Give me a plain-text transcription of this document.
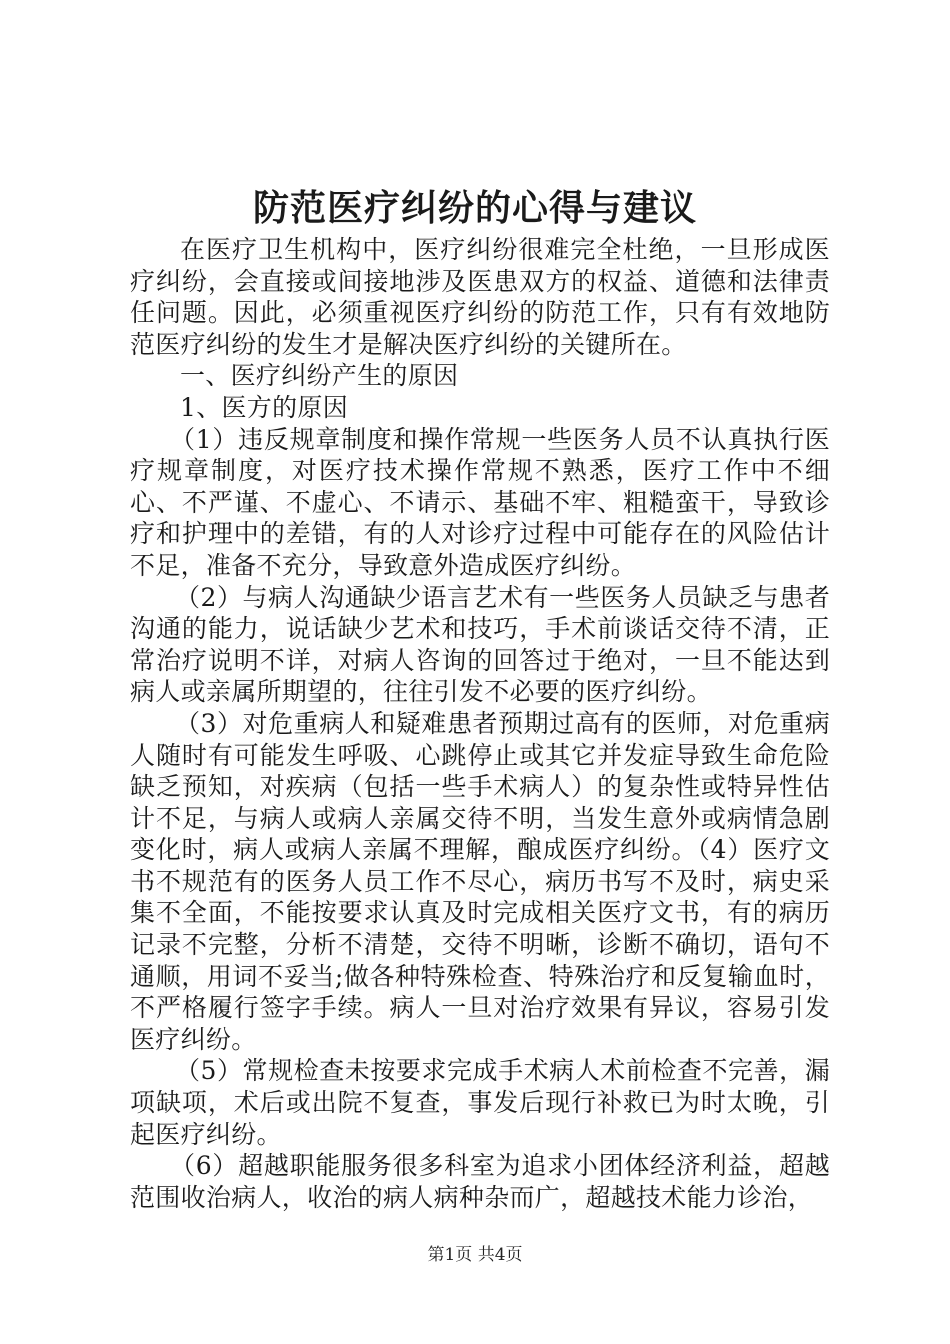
防范医疗纠纷的心得与建议

在医疗卫生机构中，医疗纠纷很难完全杜绝，一旦形成医疗纠纷，会直接或间接地涉及医患双方的权益、道德和法律责任问题。因此，必须重视医疗纠纷的防范工作，只有有效地防范医疗纠纷的发生才是解决医疗纠纷的关键所在。

一、医疗纠纷产生的原因

1、医方的原因

（1）违反规章制度和操作常规一些医务人员不认真执行医疗规章制度，对医疗技术操作常规不熟悉，医疗工作中不细心、不严谨、不虚心、不请示、基础不牢、粗糙蛮干，导致诊疗和护理中的差错，有的人对诊疗过程中可能存在的风险估计不足，准备不充分，导致意外造成医疗纠纷。

（2）与病人沟通缺少语言艺术有一些医务人员缺乏与患者沟通的能力，说话缺少艺术和技巧，手术前谈话交待不清，正常治疗说明不详，对病人咨询的回答过于绝对，一旦不能达到病人或亲属所期望的，往往引发不必要的医疗纠纷。

（3）对危重病人和疑难患者预期过高有的医师，对危重病人随时有可能发生呼吸、心跳停止或其它并发症导致生命危险缺乏预知，对疾病（包括一些手术病人）的复杂性或特异性估计不足，与病人或病人亲属交待不明，当发生意外或病情急剧变化时，病人或病人亲属不理解，酿成医疗纠纷。（4）医疗文书不规范有的医务人员工作不尽心，病历书写不及时，病史采集不全面，不能按要求认真及时完成相关医疗文书，有的病历记录不完整，分析不清楚，交待不明晰，诊断不确切，语句不通顺，用词不妥当;做各种特殊检查、特殊治疗和反复输血时，不严格履行签字手续。病人一旦对治疗效果有异议，容易引发医疗纠纷。

（5）常规检查未按要求完成手术病人术前检查不完善，漏项缺项，术后或出院不复查，事发后现行补救已为时太晚，引起医疗纠纷。

（6）超越职能服务很多科室为追求小团体经济利益，超越范围收治病人，收治的病人病种杂而广，超越技术能力诊治，

第1页 共4页
